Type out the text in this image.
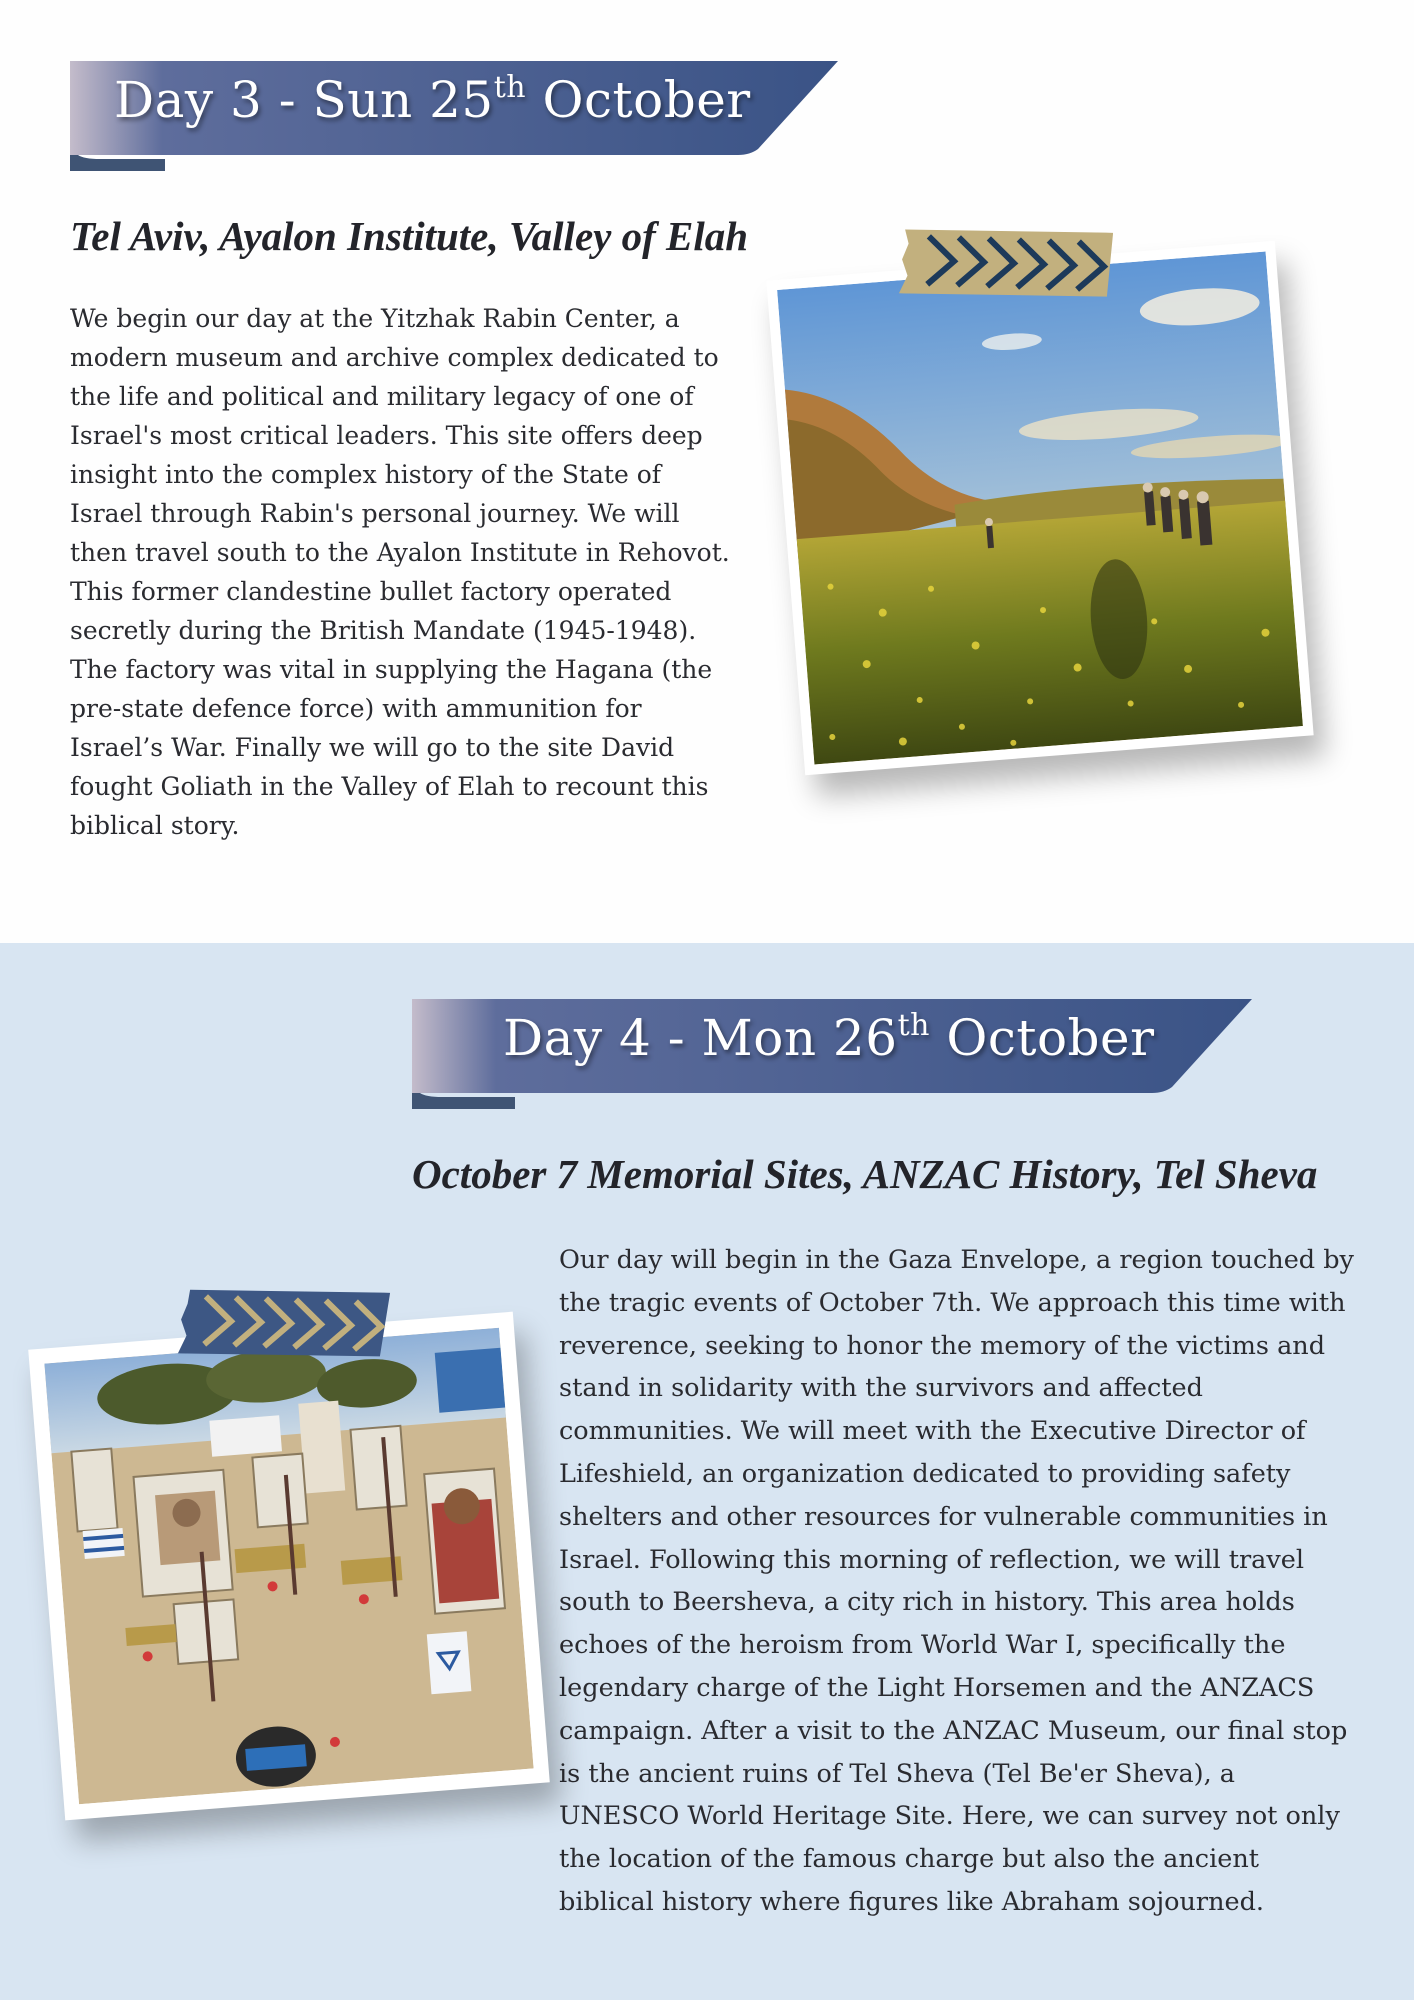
Day 3 - Sun 25th October
Tel Aviv, Ayalon Institute, Valley of Elah

We begin our day at the Yitzhak Rabin Center, a modern museum and archive complex dedicated to the life and political and military legacy of one of Israel's most critical leaders. This site offers deep insight into the complex history of the State of Israel through Rabin's personal journey. We will then travel south to the Ayalon Institute in Rehovot. This former clandestine bullet factory operated secretly during the British Mandate (1945-1948). The factory was vital in supplying the Hagana (the pre-state defence force) with ammunition for Israel’s War. Finally we will go to the site David fought Goliath in the Valley of Elah to recount this biblical story.

Day 4 - Mon 26th October
October 7 Memorial Sites, ANZAC History, Tel Sheva

Our day will begin in the Gaza Envelope, a region touched by the tragic events of October 7th. We approach this time with reverence, seeking to honor the memory of the victims and stand in solidarity with the survivors and affected communities. We will meet with the Executive Director of Lifeshield, an organization dedicated to providing safety shelters and other resources for vulnerable communities in Israel. Following this morning of reflection, we will travel south to Beersheva, a city rich in history. This area holds echoes of the heroism from World War I, specifically the legendary charge of the Light Horsemen and the ANZACS campaign. After a visit to the ANZAC Museum, our final stop is the ancient ruins of Tel Sheva (Tel Be'er Sheva), a UNESCO World Heritage Site. Here, we can survey not only the location of the famous charge but also the ancient biblical history where figures like Abraham sojourned.
